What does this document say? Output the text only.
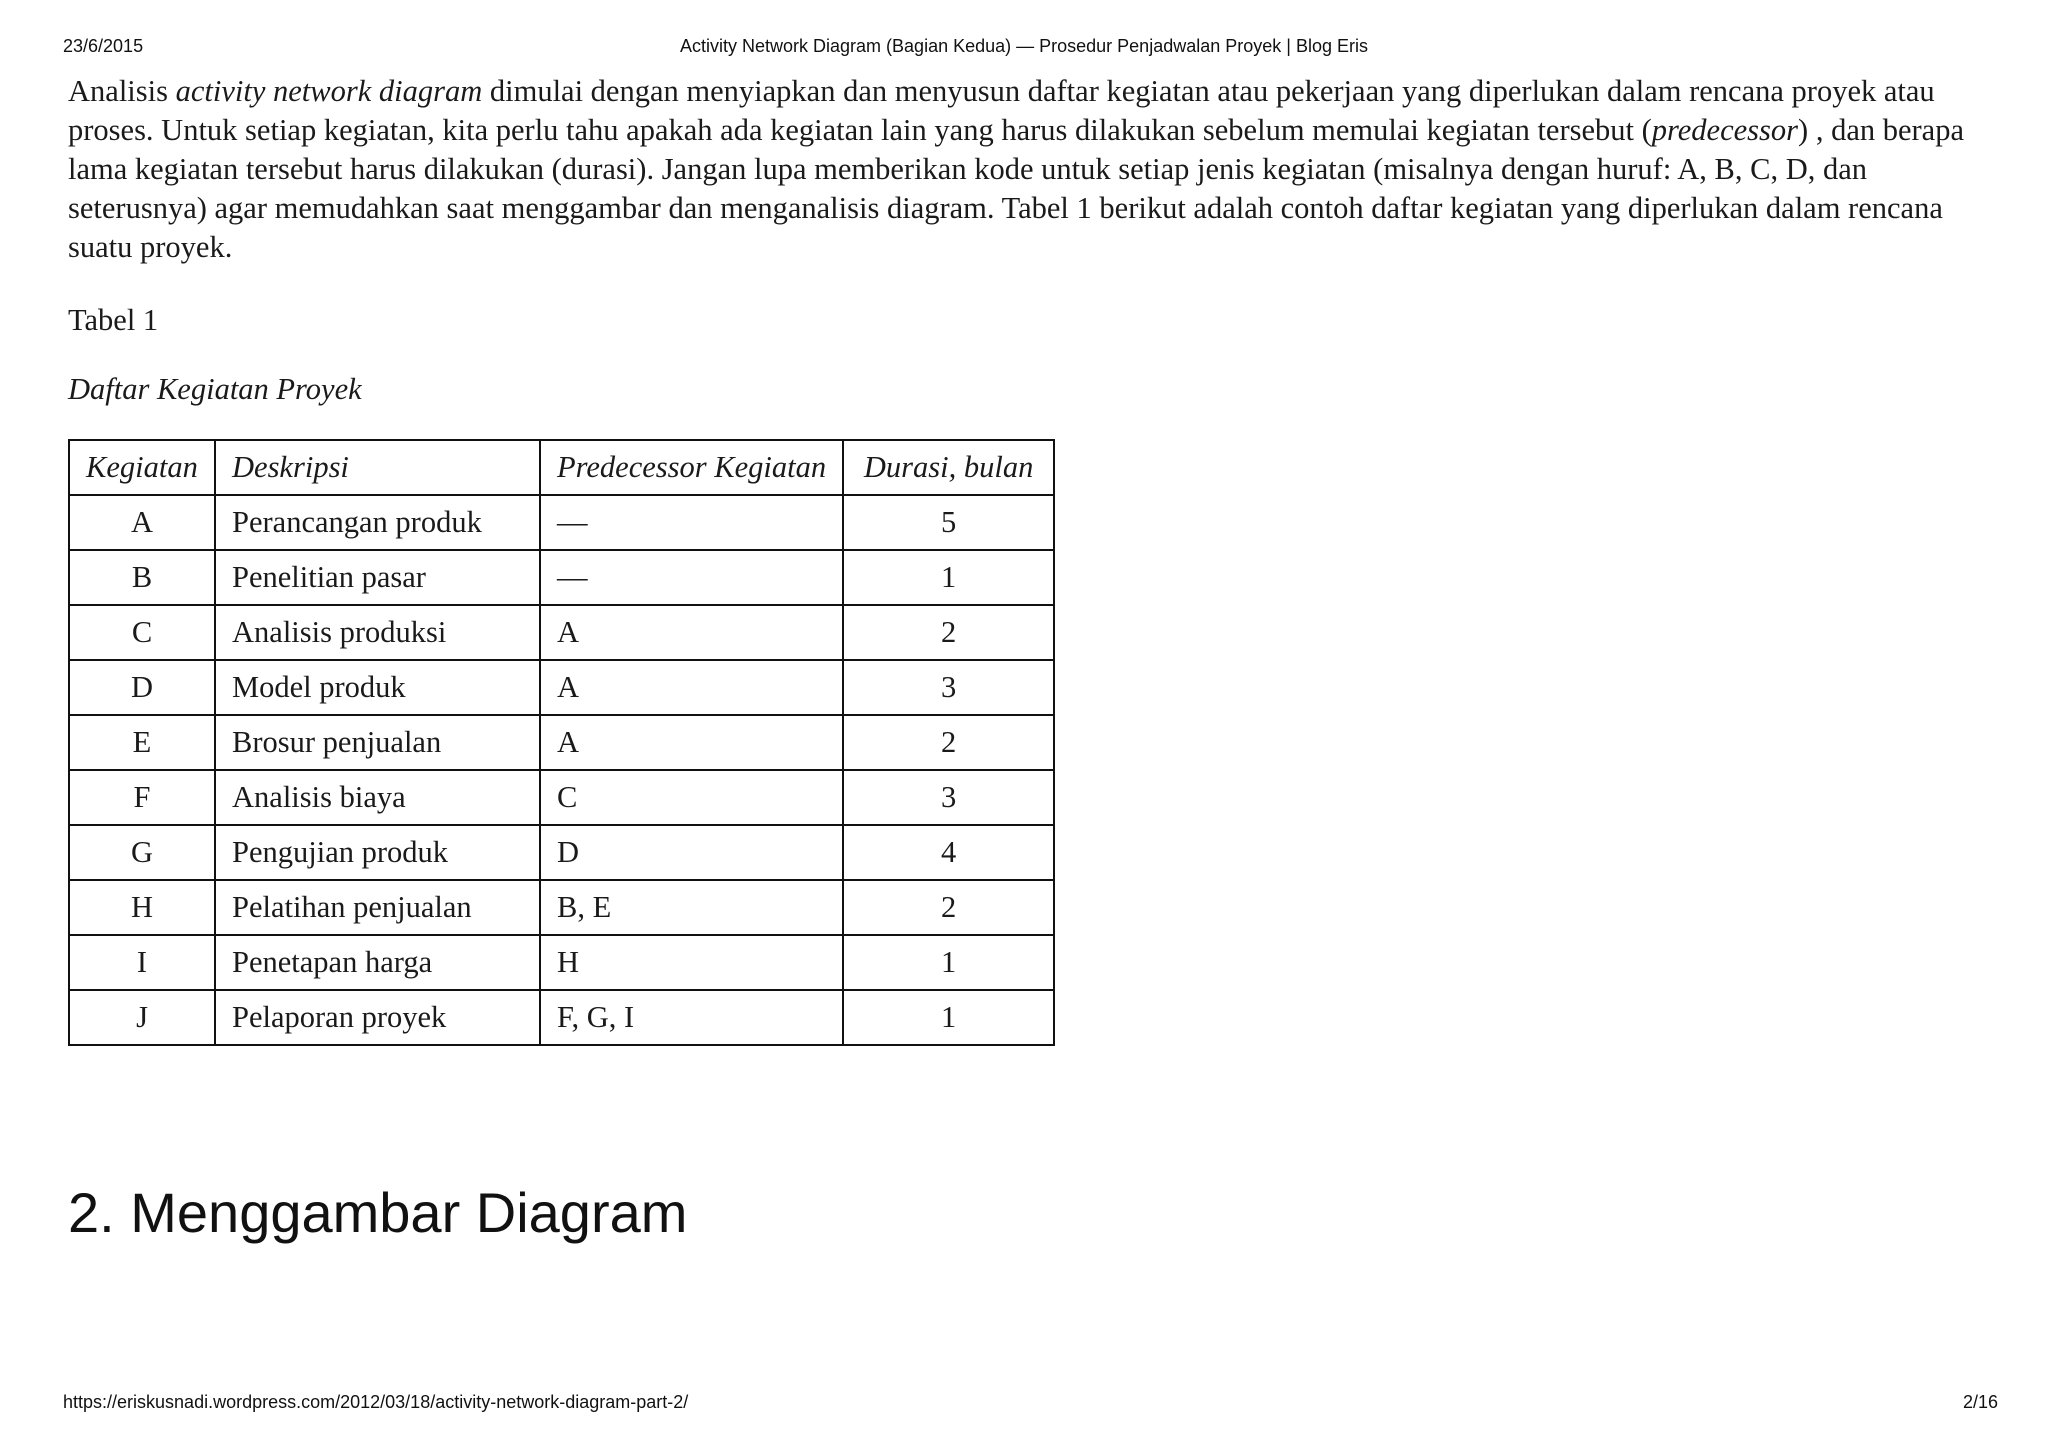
23/6/2015	Activity Network Diagram (Bagian Kedua) — Prosedur Penjadwalan Proyek | Blog Eris

Analisis activity network diagram dimulai dengan menyiapkan dan menyusun daftar kegiatan atau pekerjaan yang diperlukan dalam rencana proyek atau proses. Untuk setiap kegiatan, kita perlu tahu apakah ada kegiatan lain yang harus dilakukan sebelum memulai kegiatan tersebut (predecessor) , dan berapa lama kegiatan tersebut harus dilakukan (durasi). Jangan lupa memberikan kode untuk setiap jenis kegiatan (misalnya dengan huruf: A, B, C, D, dan seterusnya) agar memudahkan saat menggambar dan menganalisis diagram. Tabel 1 berikut adalah contoh daftar kegiatan yang diperlukan dalam rencana suatu proyek.

Tabel 1

Daftar Kegiatan Proyek

Kegiatan	Deskripsi	Predecessor Kegiatan	Durasi, bulan
A	Perancangan produk	—	5
B	Penelitian pasar	—	1
C	Analisis produksi	A	2
D	Model produk	A	3
E	Brosur penjualan	A	2
F	Analisis biaya	C	3
G	Pengujian produk	D	4
H	Pelatihan penjualan	B, E	2
I	Penetapan harga	H	1
J	Pelaporan proyek	F, G, I	1
2. Menggambar Diagram
https://eriskusnadi.wordpress.com/2012/03/18/activity-network-diagram-part-2/	2/16
